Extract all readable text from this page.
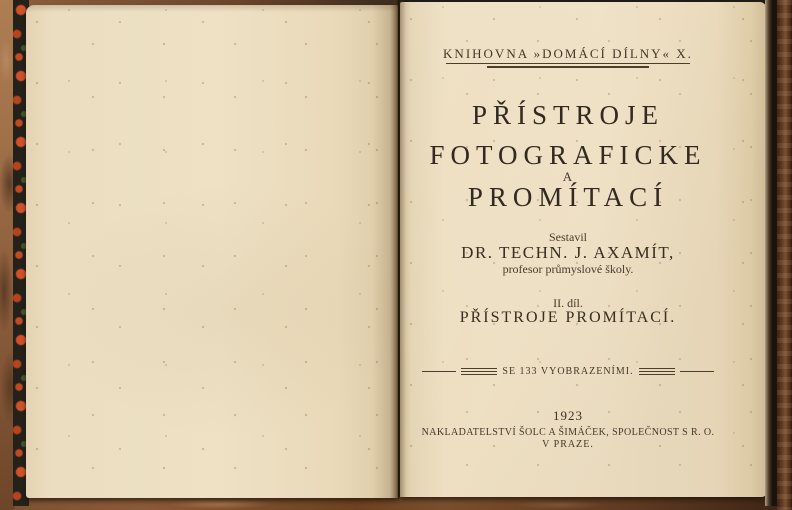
KNIHOVNA »DOMÁCÍ DÍLNY« X.
PŘÍSTROJE
FOTOGRAFICKE
A
PROMÍTACÍ
Sestavil
DR. TECHN. J. AXAMÍT,
profesor průmyslové školy.
II. díl.
PŘÍSTROJE PROMÍTACÍ.
SE 133 VYOBRAZENÍMI.
1923
NAKLADATELSTVÍ ŠOLC A ŠIMÁČEK, SPOLEČNOST S R. O.
V PRAZE.
